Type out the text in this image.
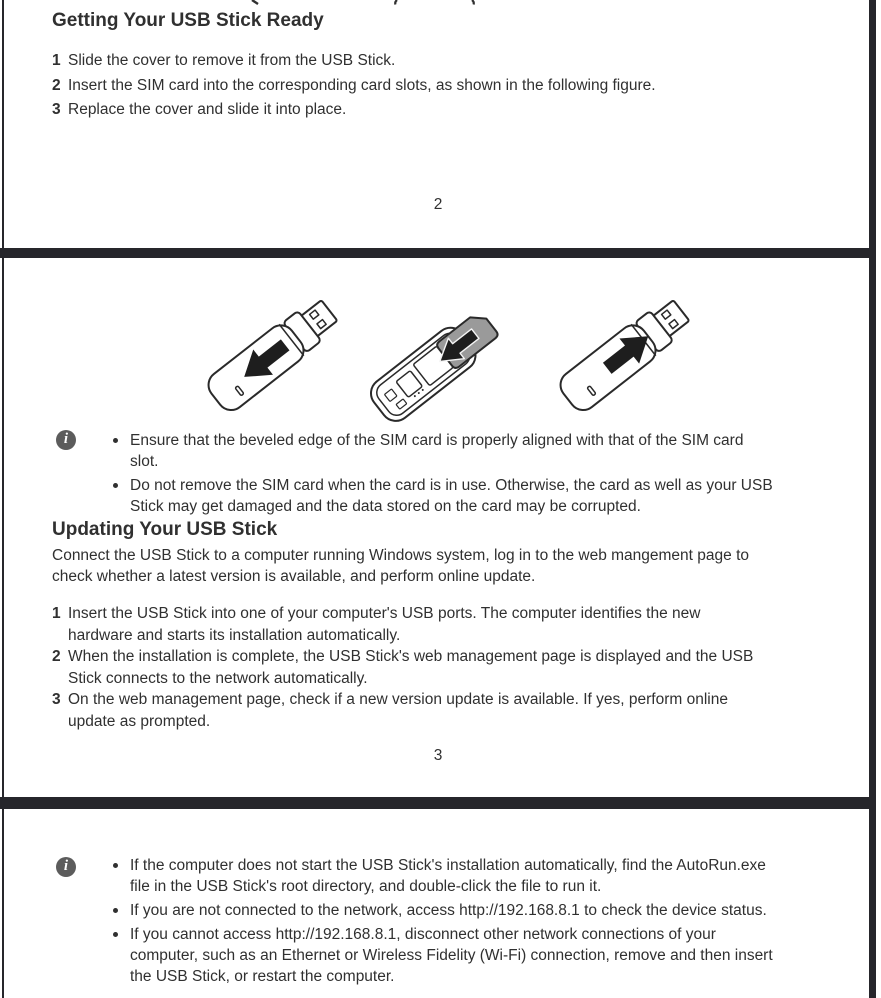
Getting Your USB Stick Ready
1 Slide the cover to remove it from the USB Stick.
2 Insert the SIM card into the corresponding card slots, as shown in the following figure.
3 Replace the cover and slide it into place.
2
i	Ensure that the beveled edge of the SIM card is properly aligned with that of the SIM card
slot.
Do not remove the SIM card when the card is in use. Otherwise, the card as well as your USB
Stick may get damaged and the data stored on the card may be corrupted.
Updating Your USB Stick
Connect the USB Stick to a computer running Windows system, log in to the web mangement page to
check whether a latest version is available, and perform online update.
1 Insert the USB Stick into one of your computer's USB ports. The computer identifies the new
hardware and starts its installation automatically.
2 When the installation is complete, the USB Stick's web management page is displayed and the USB
Stick connects to the network automatically.
3 On the web management page, check if a new version update is available. If yes, perform online
update as prompted.
3
i	If the computer does not start the USB Stick's installation automatically, find the AutoRun.exe
file in the USB Stick's root directory, and double-click the file to run it.
If you are not connected to the network, access http://192.168.8.1 to check the device status.
If you cannot access http://192.168.8.1, disconnect other network connections of your
computer, such as an Ethernet or Wireless Fidelity (Wi-Fi) connection, remove and then insert
the USB Stick, or restart the computer.
